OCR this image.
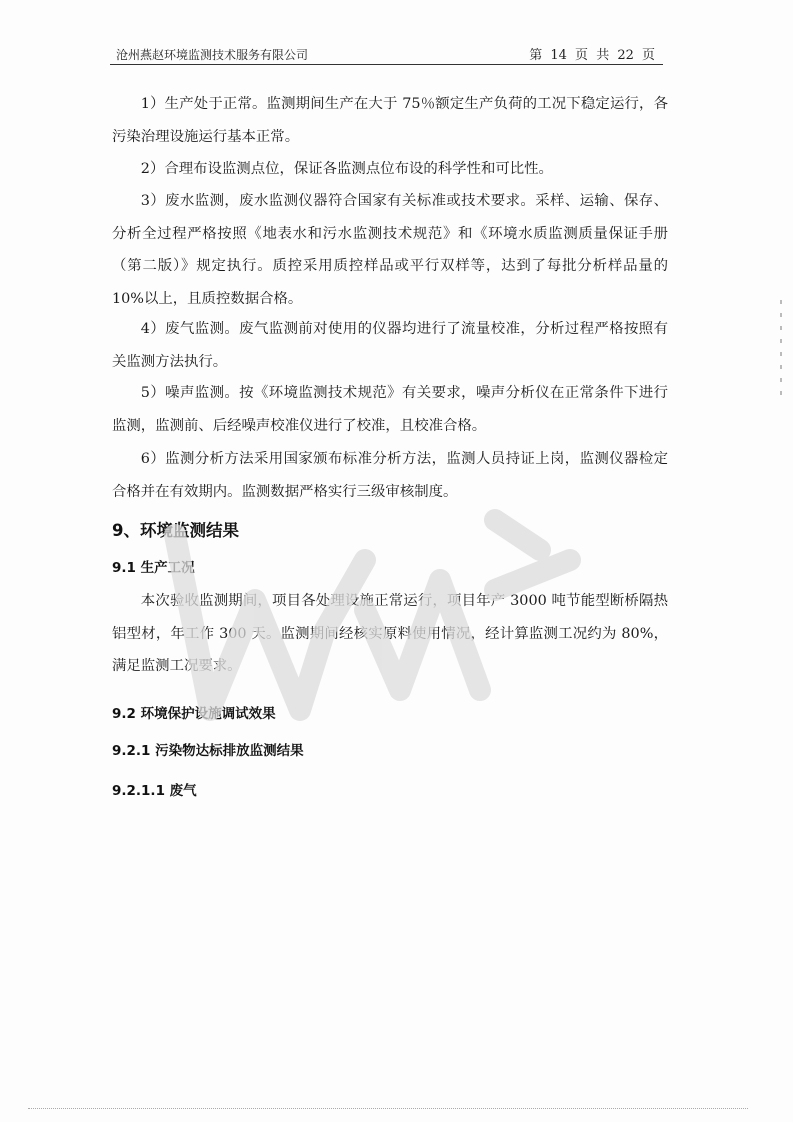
沧州燕赵环境监测技术服务有限公司	第 14 页 共 22 页

1）生产处于正常。监测期间生产在大于 75％额定生产负荷的工况下稳定运行，各污染治理设施运行基本正常。

2）合理布设监测点位，保证各监测点位布设的科学性和可比性。

3）废水监测，废水监测仪器符合国家有关标准或技术要求。采样、运输、保存、分析全过程严格按照《地表水和污水监测技术规范》和《环境水质监测质量保证手册（第二版）》规定执行。质控采用质控样品或平行双样等，达到了每批分析样品量的 10%以上，且质控数据合格。

4）废气监测。废气监测前对使用的仪器均进行了流量校准，分析过程严格按照有关监测方法执行。

5）噪声监测。按《环境监测技术规范》有关要求，噪声分析仪在正常条件下进行监测，监测前、后经噪声校准仪进行了校准，且校准合格。

6）监测分析方法采用国家颁布标准分析方法，监测人员持证上岗，监测仪器检定合格并在有效期内。监测数据严格实行三级审核制度。

9、环境监测结果
9.1 生产工况

本次验收监测期间，项目各处理设施正常运行，项目年产 3000 吨节能型断桥隔热铝型材，年工作 300 天。监测期间经核实原料使用情况，经计算监测工况约为 80%，满足监测工况要求。

9.2 环境保护设施调试效果
9.2.1 污染物达标排放监测结果
9.2.1.1 废气
